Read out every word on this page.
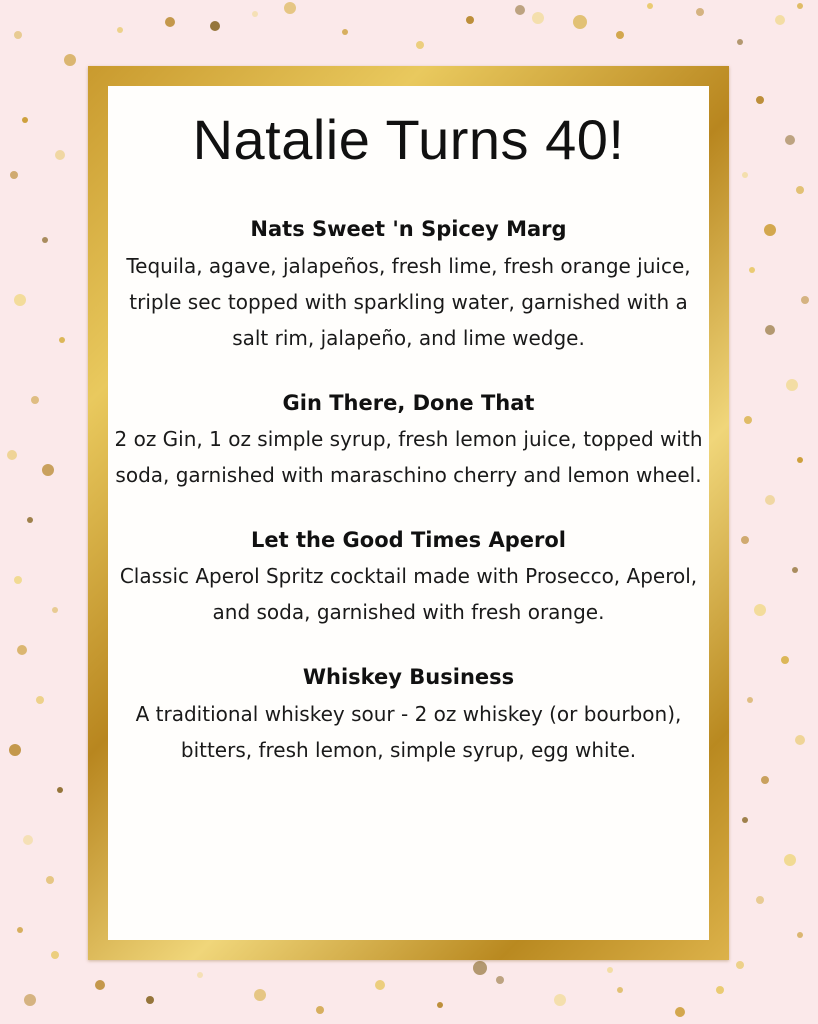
Natalie Turns 40!
Nats Sweet 'n Spicey Marg
Tequila, agave, jalapeños, fresh lime, fresh orange juice, triple sec topped with sparkling water, garnished with a salt rim, jalapeño, and lime wedge.
Gin There, Done That
2 oz Gin, 1 oz simple syrup, fresh lemon juice, topped with soda, garnished with maraschino cherry and lemon wheel.
Let the Good Times Aperol
Classic Aperol Spritz cocktail made with Prosecco, Aperol, and soda, garnished with fresh orange.
Whiskey Business
A traditional whiskey sour - 2 oz whiskey (or bourbon), bitters, fresh lemon, simple syrup, egg white.
